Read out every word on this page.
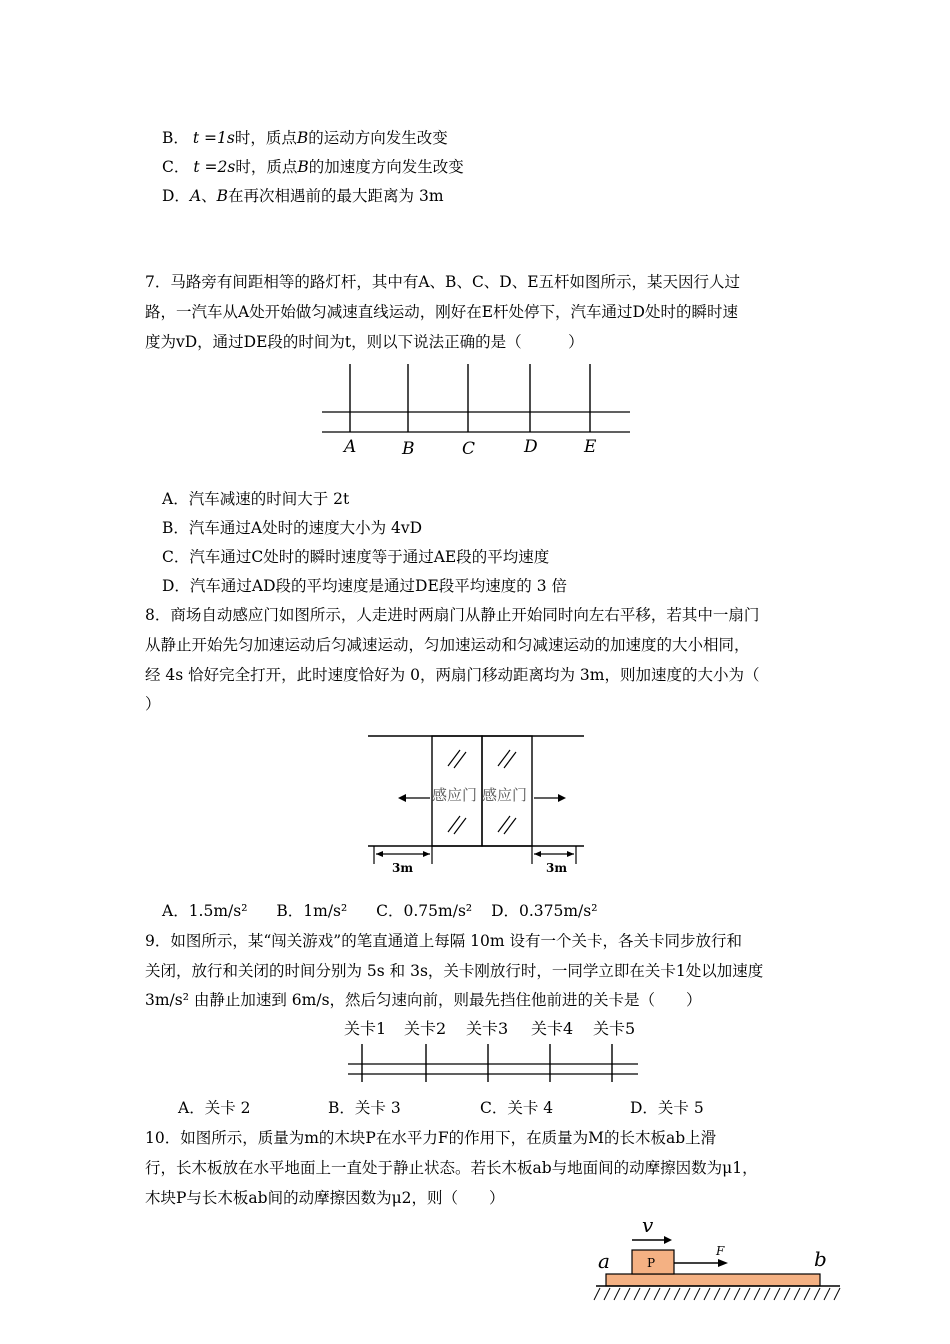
B． t =1s时，质点B的运动方向发生改变
C． t =2s时，质点B的加速度方向发生改变
D．A、B在再次相遇前的最大距离为 3m
7．马路旁有间距相等的路灯杆，其中有A、B、C、D、E五杆如图所示，某天因行人过
路，一汽车从A处开始做匀减速直线运动，刚好在E杆处停下，汽车通过D处时的瞬时速
度为vD，通过DE段的时间为t，则以下说法正确的是（　　　）
A	B	C	D	E
A．汽车减速的时间大于 2t
B．汽车通过A处时的速度大小为 4vD
C．汽车通过C处时的瞬时速度等于通过AE段的平均速度
D．汽车通过AD段的平均速度是通过DE段平均速度的 3 倍
8．商场自动感应门如图所示，人走进时两扇门从静止开始同时向左右平移，若其中一扇门
从静止开始先匀加速运动后匀减速运动，匀加速运动和匀减速运动的加速度的大小相同，
经 4s 恰好完全打开，此时速度恰好为 0，两扇门移动距离均为 3m，则加速度的大小为（
）
感应门 感应门
3m	3m
A．1.5m/s² B．1m/s² C．0.75m/s² D．0.375m/s²
9．如图所示，某“闯关游戏”的笔直通道上每隔 10m 设有一个关卡，各关卡同步放行和
关闭，放行和关闭的时间分别为 5s 和 3s，关卡刚放行时，一同学立即在关卡1处以加速度
3m/s² 由静止加速到 6m/s，然后匀速向前，则最先挡住他前进的关卡是（　　）
关卡1 关卡2 关卡3 关卡4 关卡5
A．关卡 2	B．关卡 3	C．关卡 4	D．关卡 5
10．如图所示，质量为m的木块P在水平力F的作用下，在质量为M的长木板ab上滑
行，长木板放在水平地面上一直处于静止状态。若长木板ab与地面间的动摩擦因数为μ1，
木块P与长木板ab间的动摩擦因数为μ2，则（　　）
v
P
F
a	b
